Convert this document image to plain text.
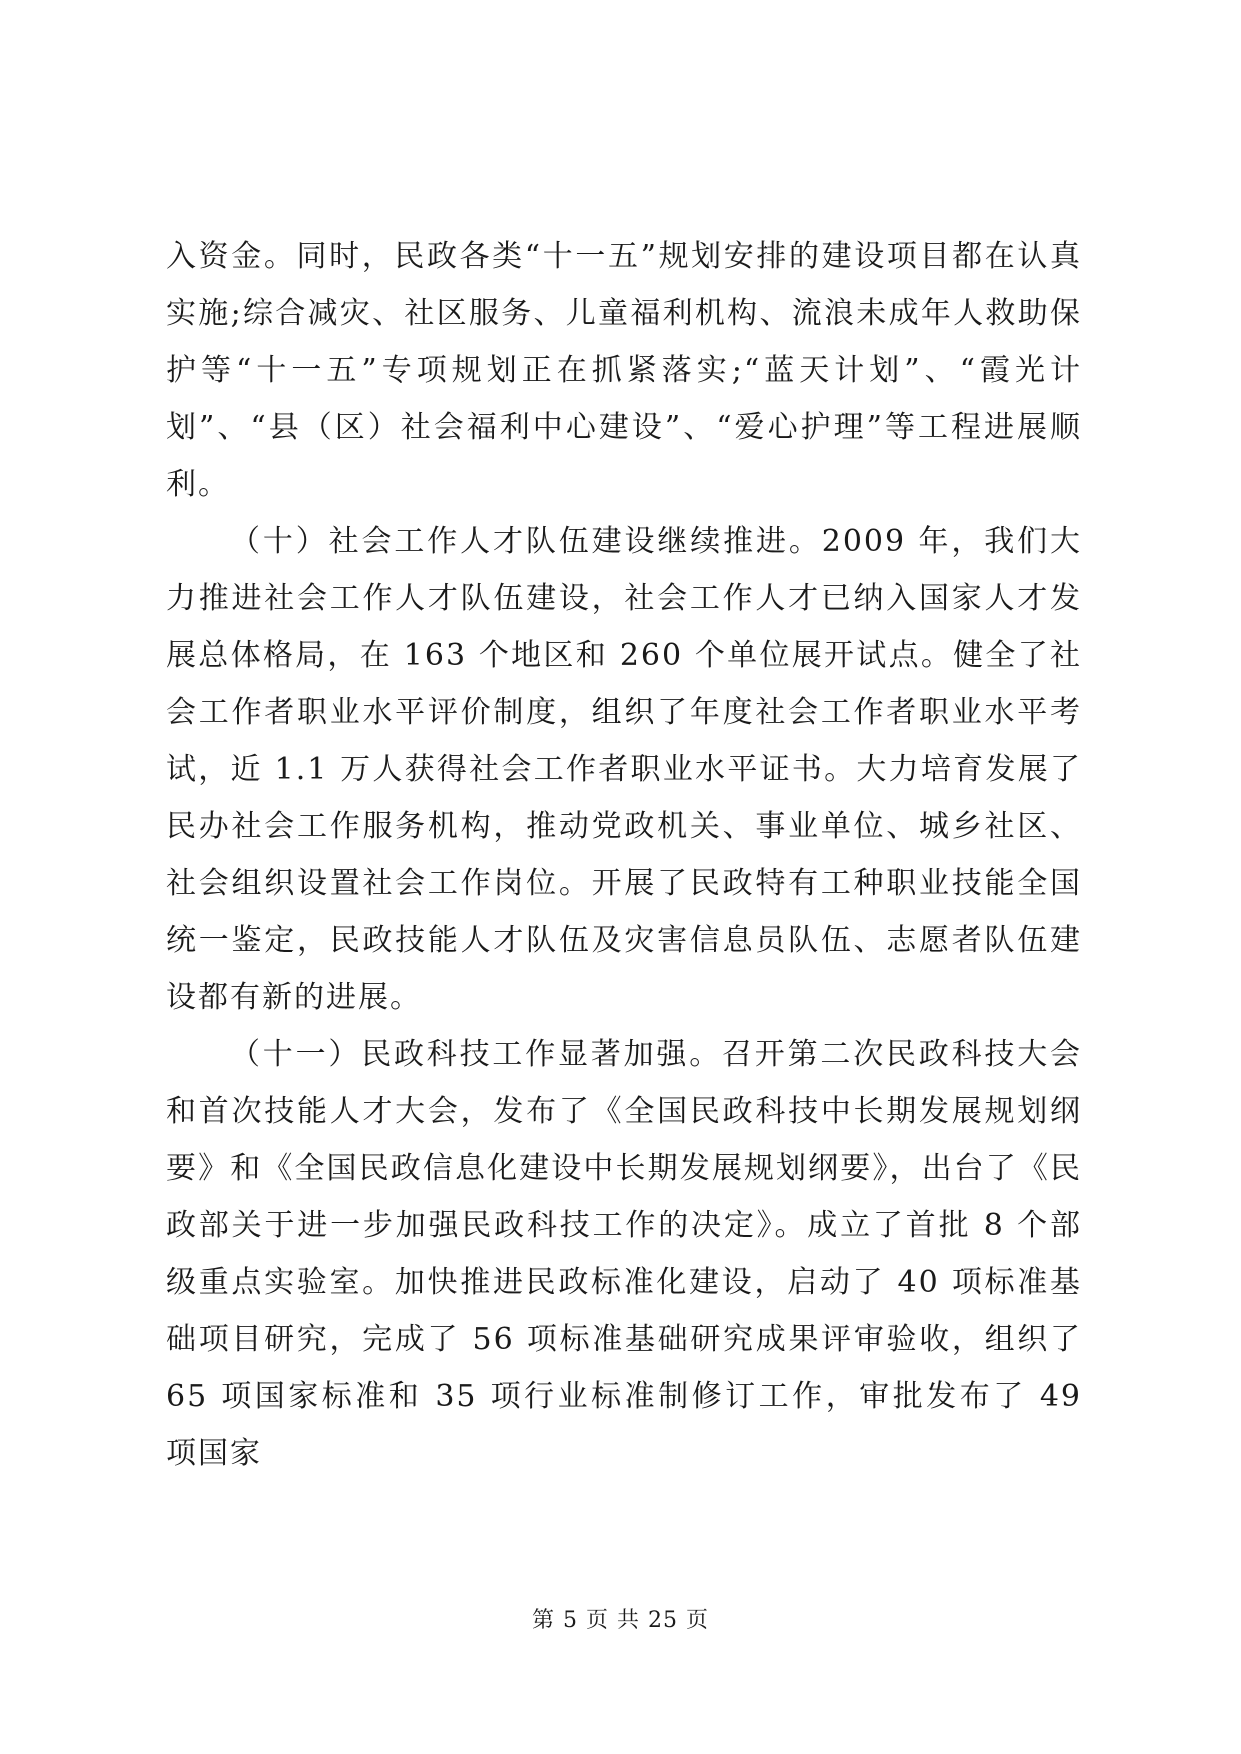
入资金。同时，民政各类“十一五”规划安排的建设项目都在认真实施;综合减灾、社区服务、儿童福利机构、流浪未成年人救助保护等“十一五”专项规划正在抓紧落实;“蓝天计划”、“霞光计划”、“县（区）社会福利中心建设”、“爱心护理”等工程进展顺利。

（十）社会工作人才队伍建设继续推进。2009 年，我们大力推进社会工作人才队伍建设，社会工作人才已纳入国家人才发展总体格局，在 163 个地区和 260 个单位展开试点。健全了社会工作者职业水平评价制度，组织了年度社会工作者职业水平考试，近 1.1 万人获得社会工作者职业水平证书。大力培育发展了民办社会工作服务机构，推动党政机关、事业单位、城乡社区、社会组织设置社会工作岗位。开展了民政特有工种职业技能全国统一鉴定，民政技能人才队伍及灾害信息员队伍、志愿者队伍建设都有新的进展。

（十一）民政科技工作显著加强。召开第二次民政科技大会和首次技能人才大会，发布了《全国民政科技中长期发展规划纲要》和《全国民政信息化建设中长期发展规划纲要》，出台了《民政部关于进一步加强民政科技工作的决定》。成立了首批 8 个部级重点实验室。加快推进民政标准化建设，启动了 40 项标准基础项目研究，完成了 56 项标准基础研究成果评审验收，组织了 65 项国家标准和 35 项行业标准制修订工作，审批发布了 49 项国家

第 5 页 共 25 页
